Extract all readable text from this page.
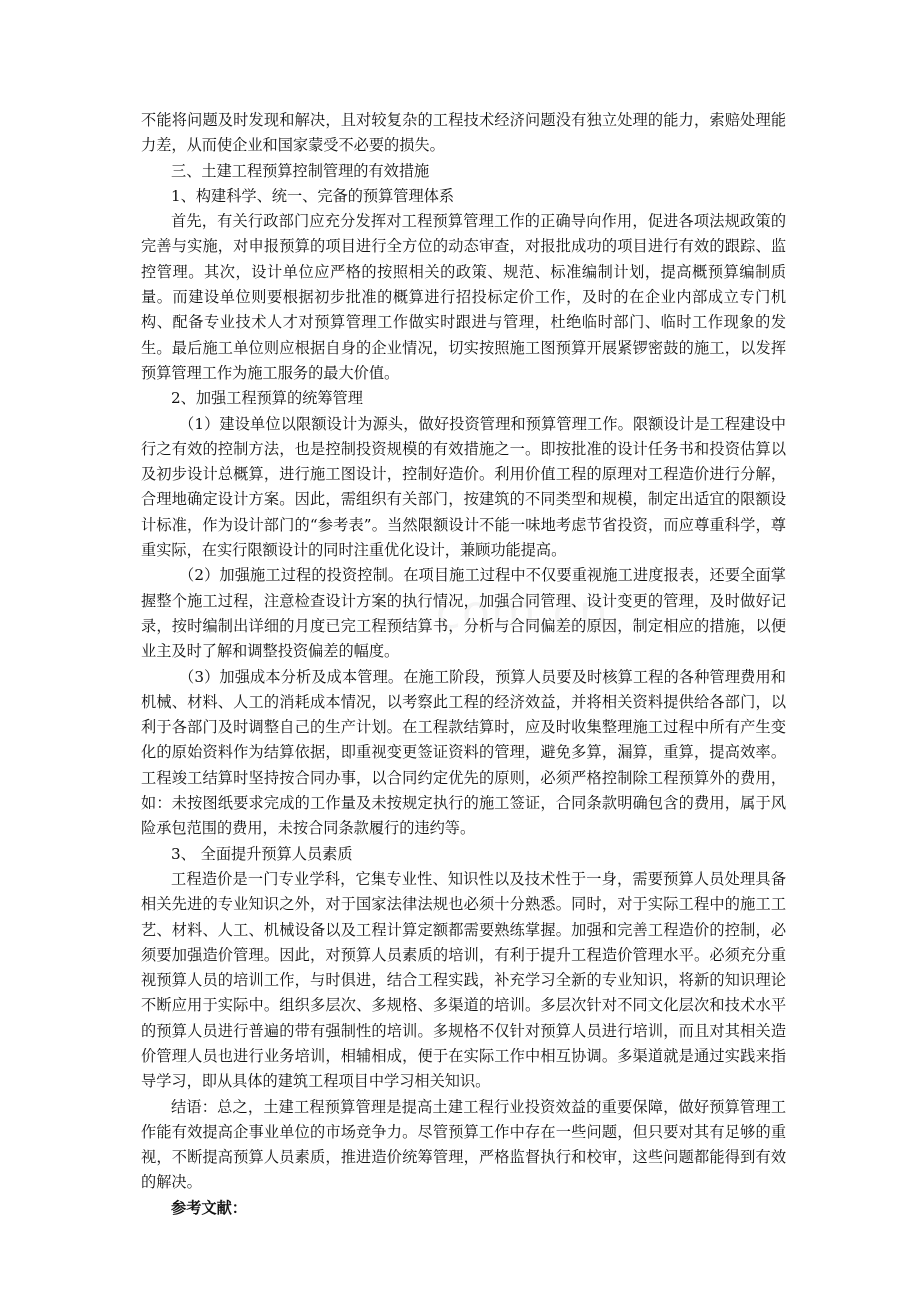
不能将问题及时发现和解决，且对较复杂的工程技术经济问题没有独立处理的能力，索赔处理能力差，从而使企业和国家蒙受不必要的损失。

三、土建工程预算控制管理的有效措施

1、构建科学、统一、完备的预算管理体系

首先，有关行政部门应充分发挥对工程预算管理工作的正确导向作用，促进各项法规政策的完善与实施，对申报预算的项目进行全方位的动态审查，对报批成功的项目进行有效的跟踪、监控管理。其次，设计单位应严格的按照相关的政策、规范、标准编制计划，提高概预算编制质量。而建设单位则要根据初步批准的概算进行招投标定价工作，及时的在企业内部成立专门机构、配备专业技术人才对预算管理工作做实时跟进与管理，杜绝临时部门、临时工作现象的发生。最后施工单位则应根据自身的企业情况，切实按照施工图预算开展紧锣密鼓的施工，以发挥预算管理工作为施工服务的最大价值。

2、加强工程预算的统筹管理

（1）建设单位以限额设计为源头，做好投资管理和预算管理工作。限额设计是工程建设中行之有效的控制方法，也是控制投资规模的有效措施之一。即按批准的设计任务书和投资估算以及初步设计总概算，进行施工图设计，控制好造价。利用价值工程的原理对工程造价进行分解，合理地确定设计方案。因此，需组织有关部门，按建筑的不同类型和规模，制定出适宜的限额设计标准，作为设计部门的“参考表”。当然限额设计不能一味地考虑节省投资，而应尊重科学，尊重实际，在实行限额设计的同时注重优化设计，兼顾功能提高。

（2）加强施工过程的投资控制。在项目施工过程中不仅要重视施工进度报表，还要全面掌握整个施工过程，注意检查设计方案的执行情况，加强合同管理、设计变更的管理，及时做好记录，按时编制出详细的月度已完工程预结算书，分析与合同偏差的原因，制定相应的措施，以便业主及时了解和调整投资偏差的幅度。

（3）加强成本分析及成本管理。在施工阶段，预算人员要及时核算工程的各种管理费用和机械、材料、人工的消耗成本情况，以考察此工程的经济效益，并将相关资料提供给各部门，以利于各部门及时调整自己的生产计划。在工程款结算时，应及时收集整理施工过程中所有产生变化的原始资料作为结算依据，即重视变更签证资料的管理，避免多算，漏算，重算，提高效率。工程竣工结算时坚持按合同办事，以合同约定优先的原则，必须严格控制除工程预算外的费用，如：未按图纸要求完成的工作量及未按规定执行的施工签证，合同条款明确包含的费用，属于风险承包范围的费用，未按合同条款履行的违约等。

3、 全面提升预算人员素质

工程造价是一门专业学科，它集专业性、知识性以及技术性于一身，需要预算人员处理具备相关先进的专业知识之外，对于国家法律法规也必须十分熟悉。同时，对于实际工程中的施工工艺、材料、人工、机械设备以及工程计算定额都需要熟练掌握。加强和完善工程造价的控制，必须要加强造价管理。因此，对预算人员素质的培训，有利于提升工程造价管理水平。必须充分重视预算人员的培训工作，与时俱进，结合工程实践，补充学习全新的专业知识，将新的知识理论不断应用于实际中。组织多层次、多规格、多渠道的培训。多层次针对不同文化层次和技术水平的预算人员进行普遍的带有强制性的培训。多规格不仅针对预算人员进行培训，而且对其相关造价管理人员也进行业务培训，相辅相成，便于在实际工作中相互协调。多渠道就是通过实践来指导学习，即从具体的建筑工程项目中学习相关知识。

结语：总之，土建工程预算管理是提高土建工程行业投资效益的重要保障，做好预算管理工作能有效提高企事业单位的市场竞争力。尽管预算工作中存在一些问题，但只要对其有足够的重视，不断提高预算人员素质，推进造价统筹管理，严格监督执行和校审，这些问题都能得到有效的解决。

参考文献：
